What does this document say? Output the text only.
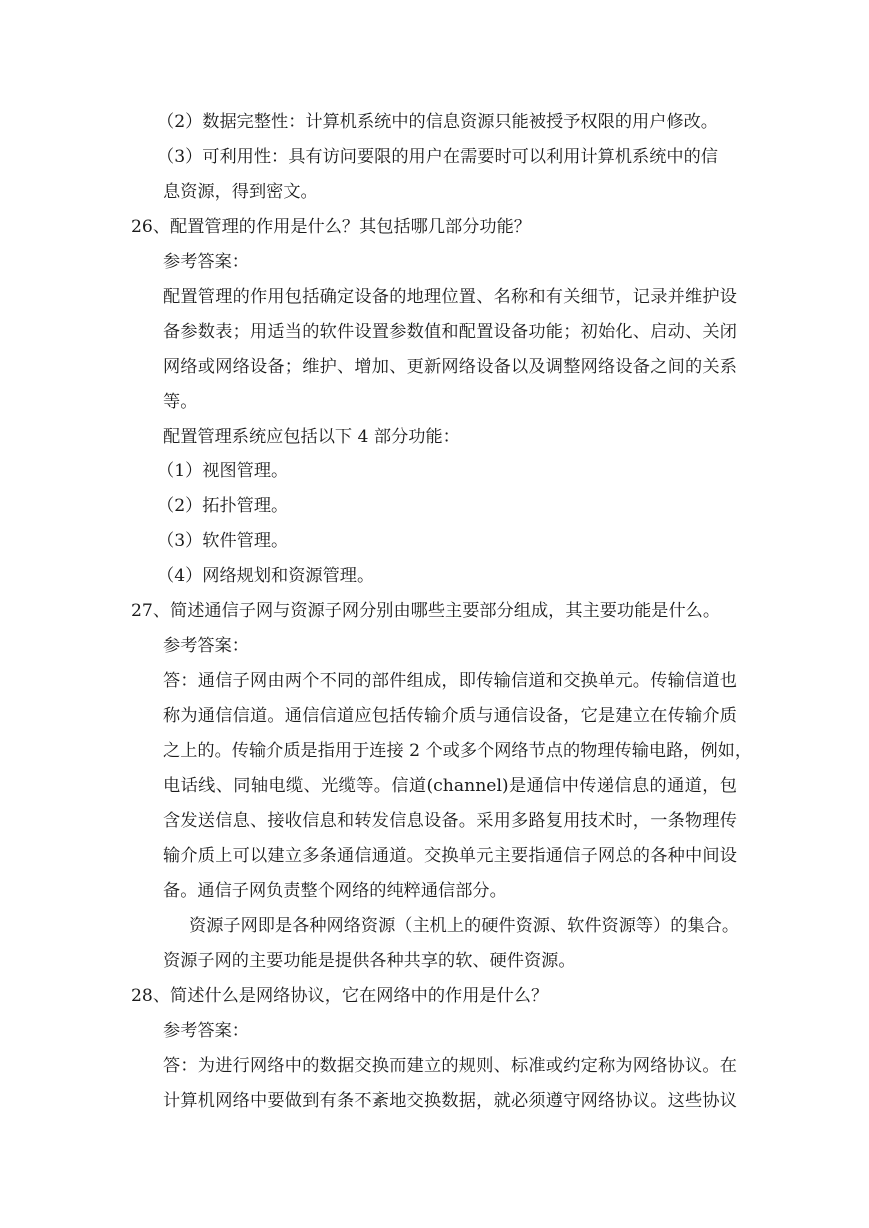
（2）数据完整性：计算机系统中的信息资源只能被授予权限的用户修改。
（3）可利用性：具有访问要限的用户在需要时可以利用计算机系统中的信
息资源，得到密文。
26、配置管理的作用是什么？其包括哪几部分功能？
参考答案：
配置管理的作用包括确定设备的地理位置、名称和有关细节，记录并维护设
备参数表；用适当的软件设置参数值和配置设备功能；初始化、启动、关闭
网络或网络设备；维护、增加、更新网络设备以及调整网络设备之间的关系
等。
配置管理系统应包括以下 4 部分功能：
（1）视图管理。
（2）拓扑管理。
（3）软件管理。
（4）网络规划和资源管理。
27、简述通信子网与资源子网分别由哪些主要部分组成，其主要功能是什么。
参考答案：
答：通信子网由两个不同的部件组成，即传输信道和交换单元。传输信道也
称为通信信道。通信信道应包括传输介质与通信设备，它是建立在传输介质
之上的。传输介质是指用于连接 2 个或多个网络节点的物理传输电路，例如，
电话线、同轴电缆、光缆等。信道(channel)是通信中传递信息的通道，包
含发送信息、接收信息和转发信息设备。采用多路复用技术时，一条物理传
输介质上可以建立多条通信通道。交换单元主要指通信子网总的各种中间设
备。通信子网负责整个网络的纯粹通信部分。
资源子网即是各种网络资源（主机上的硬件资源、软件资源等）的集合。
资源子网的主要功能是提供各种共享的软、硬件资源。
28、简述什么是网络协议，它在网络中的作用是什么？
参考答案：
答：为进行网络中的数据交换而建立的规则、标准或约定称为网络协议。在
计算机网络中要做到有条不紊地交换数据，就必须遵守网络协议。这些协议
